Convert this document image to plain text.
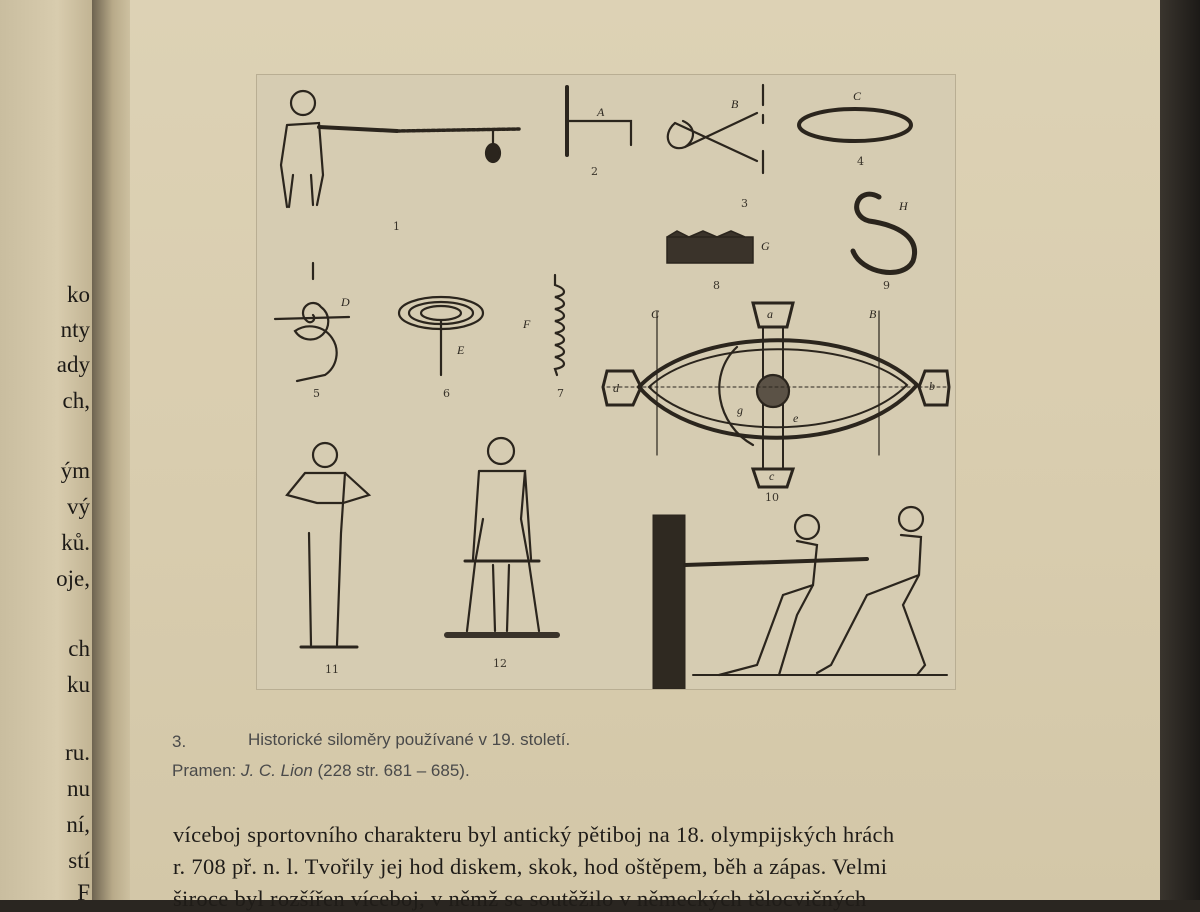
ko
nty
ady
ch,
ým
vý
ků.
oje,
ch
ku
ru.
nu
ní,
stí
F
1
2
3
4
5	6	7
8	9
10
11	12
A
B
C
D
E
F
G
H
C	B
a
b
c
d
e
g
3.	Historické siloměry používané v 19. století.
Pramen: J. C. Lion (228 str. 681 – 685).
víceboj sportovního charakteru byl antický pětiboj na 18. olympijských hrách
r. 708 př. n. l. Tvořily jej hod diskem, skok, hod oštěpem, běh a zápas. Velmi
široce byl rozšířen víceboj, v němž se soutěžilo v německých tělocvičných
